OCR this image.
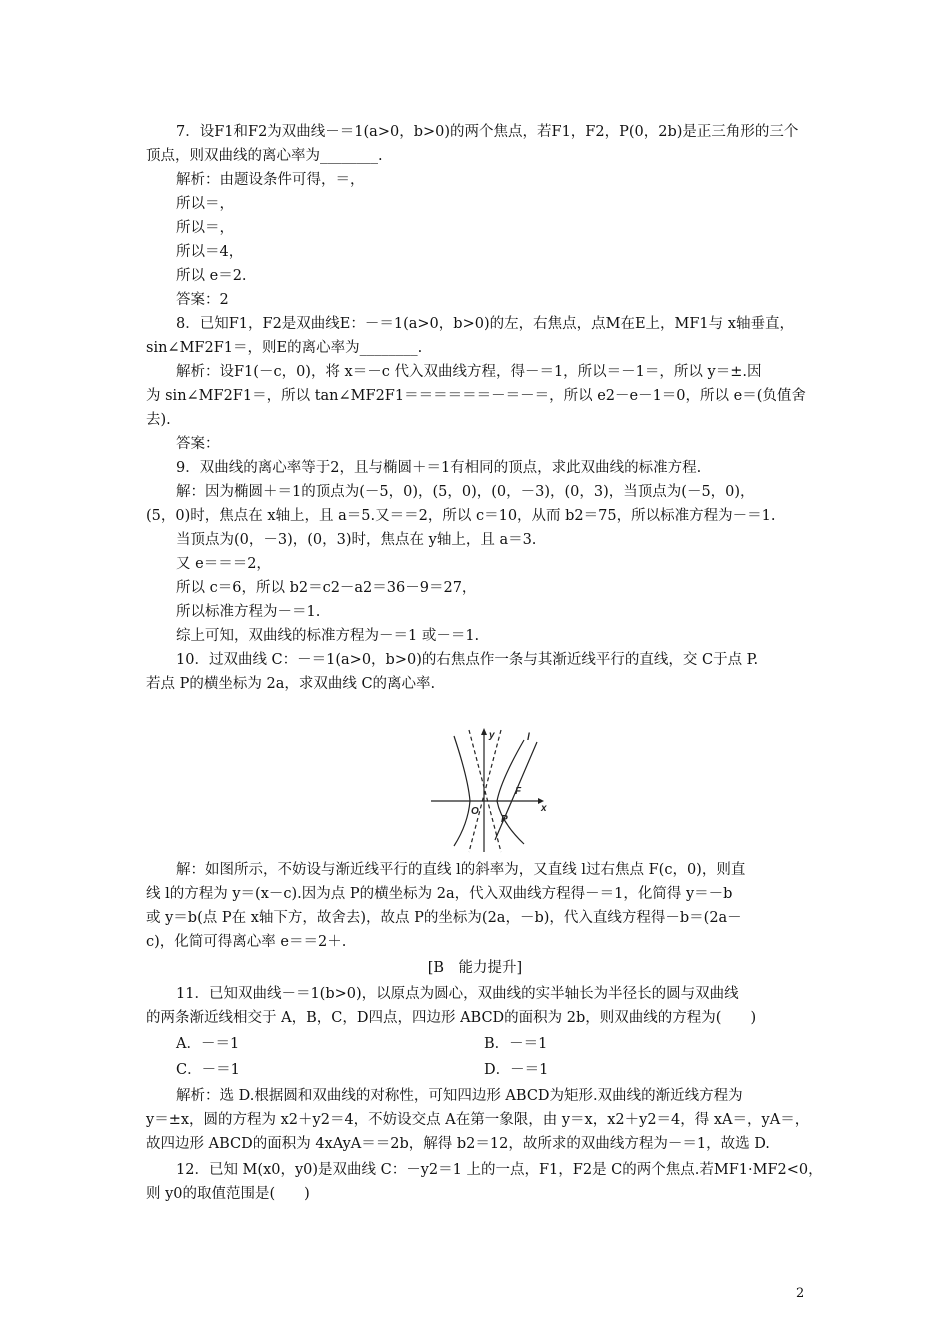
7．设F1和F2为双曲线－＝1(a>0，b>0)的两个焦点，若F1，F2，P(0，2b)是正三角形的三个
顶点，则双曲线的离心率为________.
解析：由题设条件可得，＝，
所以＝，
所以＝，
所以＝4，
所以 e＝2.
答案：2
8．已知F1，F2是双曲线E：－＝1(a>0，b>0)的左，右焦点，点M在E上，MF1与 x轴垂直，
sin∠MF2F1＝，则E的离心率为________.
解析：设F1(－c，0)，将 x＝－c 代入双曲线方程，得－＝1，所以＝－1＝，所以 y＝±.因
为 sin∠MF2F1＝，所以 tan∠MF2F1＝＝＝＝＝＝－＝－＝，所以 e2－e－1＝0，所以 e＝(负值舍
去).
答案：
9．双曲线的离心率等于2，且与椭圆＋＝1有相同的顶点，求此双曲线的标准方程.
解：因为椭圆＋＝1的顶点为(－5，0)，(5，0)，(0，－3)，(0，3)，当顶点为(－5，0)，
(5，0)时，焦点在 x轴上，且 a＝5.又＝＝2，所以 c＝10，从而 b2＝75，所以标准方程为－＝1.
当顶点为(0，－3)，(0，3)时，焦点在 y轴上，且 a＝3.
又 e＝＝＝2，
所以 c＝6，所以 b2＝c2－a2＝36－9＝27，
所以标准方程为－＝1.
综上可知，双曲线的标准方程为－＝1 或－＝1.
10．过双曲线 C：－＝1(a>0，b>0)的右焦点作一条与其渐近线平行的直线，交 C于点 P.
若点 P的横坐标为 2a，求双曲线 C的离心率.
y
x
O
F
P
l
解：如图所示，不妨设与渐近线平行的直线 l的斜率为，又直线 l过右焦点 F(c，0)，则直
线 l的方程为 y＝(x－c).因为点 P的横坐标为 2a，代入双曲线方程得－＝1，化简得 y＝－b
或 y＝b(点 P在 x轴下方，故舍去)，故点 P的坐标为(2a，－b)，代入直线方程得－b＝(2a－
c)，化简可得离心率 e＝＝2＋.
[B　能力提升]
11．已知双曲线－＝1(b>0)，以原点为圆心，双曲线的实半轴长为半径长的圆与双曲线
的两条渐近线相交于 A，B，C，D四点，四边形 ABCD的面积为 2b，则双曲线的方程为(　　)
A．－＝1	B．－＝1
C．－＝1	D．－＝1
解析：选 D.根据圆和双曲线的对称性，可知四边形 ABCD为矩形.双曲线的渐近线方程为
y＝±x，圆的方程为 x2＋y2＝4，不妨设交点 A在第一象限，由 y＝x，x2＋y2＝4，得 xA＝，yA＝，
故四边形 ABCD的面积为 4xAyA＝＝2b，解得 b2＝12，故所求的双曲线方程为－＝1，故选 D.
12．已知 M(x0，y0)是双曲线 C：－y2＝1 上的一点，F1，F2是 C的两个焦点.若MF1·MF2<0，
则 y0的取值范围是(　　)
2
